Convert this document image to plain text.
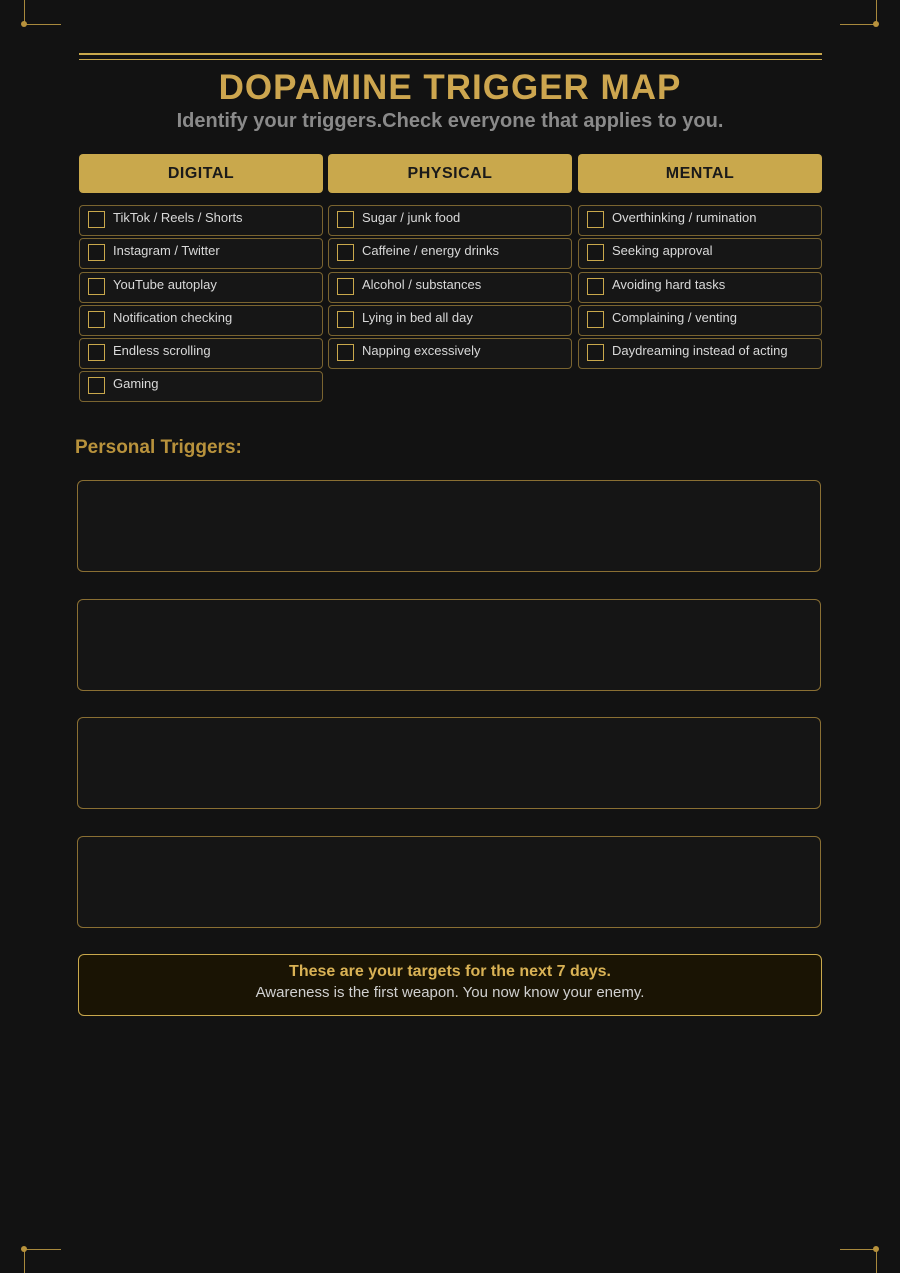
DOPAMINE TRIGGER MAP
Identify your triggers.Check everyone that applies to you.
DIGITAL
TikTok / Reels / Shorts
Instagram / Twitter
YouTube autoplay
Notification checking
Endless scrolling
Gaming
PHYSICAL
Sugar / junk food
Caffeine / energy drinks
Alcohol / substances
Lying in bed all day
Napping excessively
MENTAL
Overthinking / rumination
Seeking approval
Avoiding hard tasks
Complaining / venting
Daydreaming instead of acting
Personal Triggers:
These are your targets for the next 7 days.
Awareness is the first weapon. You now know your enemy.
